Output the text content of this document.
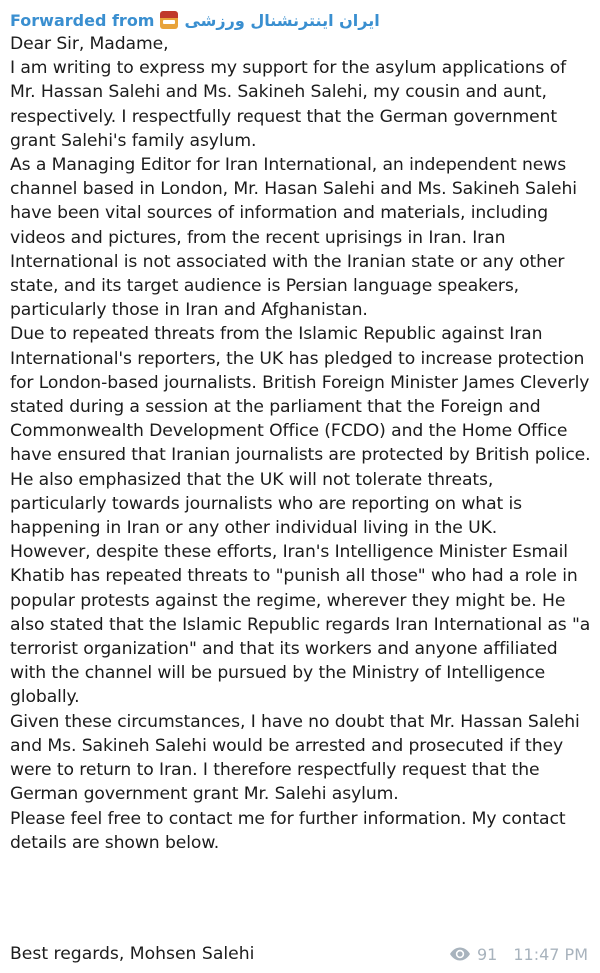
Forwarded from ایران اینترنشنال ورزشی

Dear Sir, Madame,

I am writing to express my support for the asylum applications of Mr. Hassan Salehi and Ms. Sakineh Salehi, my cousin and aunt, respectively. I respectfully request that the German government grant Salehi's family asylum.

As a Managing Editor for Iran International, an independent news channel based in London, Mr. Hasan Salehi and Ms. Sakineh Salehi have been vital sources of information and materials, including videos and pictures, from the recent uprisings in Iran. Iran International is not associated with the Iranian state or any other state, and its target audience is Persian language speakers, particularly those in Iran and Afghanistan.

Due to repeated threats from the Islamic Republic against Iran International's reporters, the UK has pledged to increase protection for London-based journalists. British Foreign Minister James Cleverly stated during a session at the parliament that the Foreign and Commonwealth Development Office (FCDO) and the Home Office have ensured that Iranian journalists are protected by British police. He also emphasized that the UK will not tolerate threats, particularly towards journalists who are reporting on what is happening in Iran or any other individual living in the UK.

However, despite these efforts, Iran's Intelligence Minister Esmail Khatib has repeated threats to "punish all those" who had a role in popular protests against the regime, wherever they might be. He also stated that the Islamic Republic regards Iran International as "a terrorist organization" and that its workers and anyone affiliated with the channel will be pursued by the Ministry of Intelligence globally.

Given these circumstances, I have no doubt that Mr. Hassan Salehi and Ms. Sakineh Salehi would be arrested and prosecuted if they were to return to Iran. I therefore respectfully request that the German government grant Mr. Salehi asylum.

Please feel free to contact me for further information. My contact details are shown below.

Best regards, Mohsen Salehi	91 11:47 PM
